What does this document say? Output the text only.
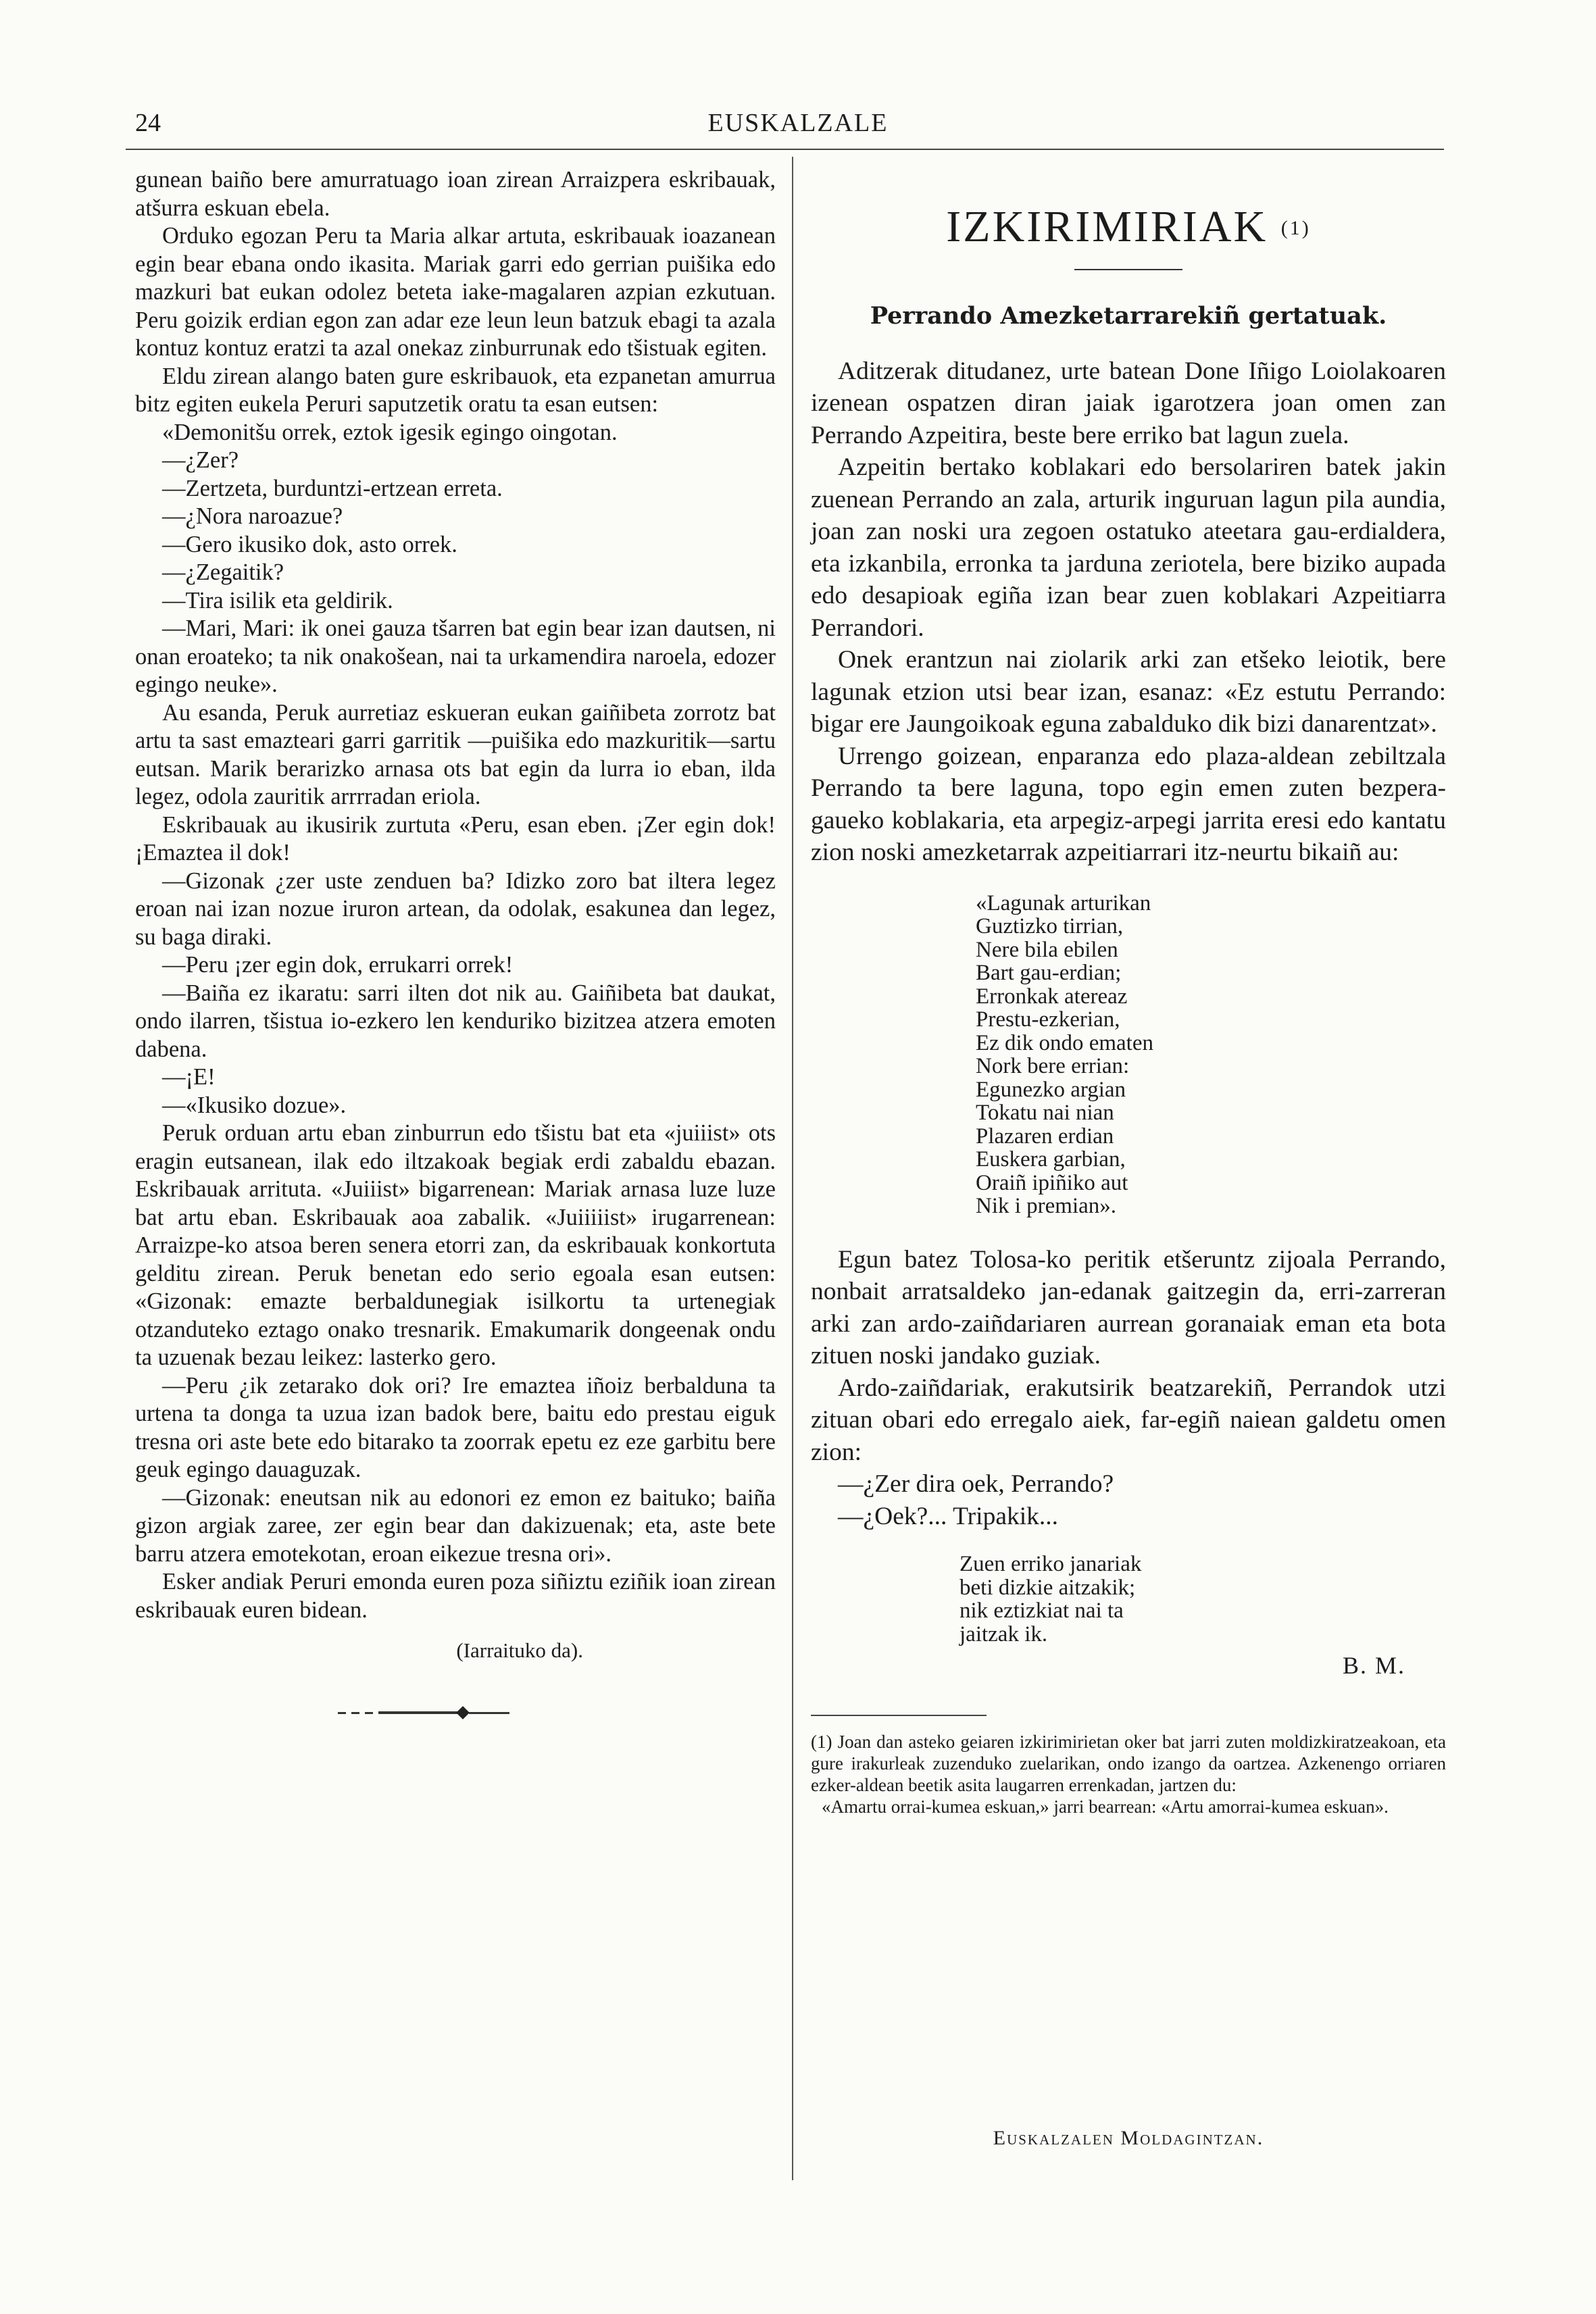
24	EUSKALZALE

gunean baiño bere amurratuago ioan zirean Arraizpera eskribauak, atšurra eskuan ebela.

Orduko egozan Peru ta Maria alkar artuta, eskribauak ioazanean egin bear ebana ondo ikasita. Mariak garri edo gerrian puišika edo mazkuri bat eukan odolez beteta iake-magalaren azpian ezkutuan. Peru goizik erdian egon zan adar eze leun leun batzuk ebagi ta azala kontuz kontuz eratzi ta azal onekaz zinburrunak edo tšistuak egiten.

Eldu zirean alango baten gure eskribauok, eta ezpanetan amurrua bitz egiten eukela Peruri saputzetik oratu ta esan eutsen:

«Demonitšu orrek, eztok igesik egingo oingotan.

—¿Zer?

—Zertzeta, burduntzi-ertzean erreta.

—¿Nora naroazue?

—Gero ikusiko dok, asto orrek.

—¿Zegaitik?

—Tira isilik eta geldirik.

—Mari, Mari: ik onei gauza tšarren bat egin bear izan dautsen, ni onan eroateko; ta nik onakošean, nai ta urkamendira naroela, edozer egingo neuke».

Au esanda, Peruk aurretiaz eskueran eukan gaiñibeta zorrotz bat artu ta sast emazteari garri garritik —puišika edo mazkuritik—sartu eutsan. Marik berarizko arnasa ots bat egin da lurra io eban, ilda legez, odola zauritik arrrradan eriola.

Eskribauak au ikusirik zurtuta «Peru, esan eben. ¡Zer egin dok! ¡Emaztea il dok!

—Gizonak ¿zer uste zenduen ba? Idizko zoro bat iltera legez eroan nai izan nozue iruron artean, da odolak, esakunea dan legez, su baga diraki.

—Peru ¡zer egin dok, errukarri orrek!

—Baiña ez ikaratu: sarri ilten dot nik au. Gaiñibeta bat daukat, ondo ilarren, tšistua io-ezkero len kenduriko bizitzea atzera emoten dabena.

—¡E!

—«Ikusiko dozue».

Peruk orduan artu eban zinburrun edo tšistu bat eta «juiiist» ots eragin eutsanean, ilak edo iltzakoak begiak erdi zabaldu ebazan. Eskribauak arrituta. «Juiiist» bigarrenean: Mariak arnasa luze luze bat artu eban. Eskribauak aoa zabalik. «Juiiiiist» irugarrenean: Arraizpe-ko atsoa beren senera etorri zan, da eskribauak konkortuta gelditu zirean. Peruk benetan edo serio egoala esan eutsen: «Gizonak: emazte berbaldunegiak isilkortu ta urtenegiak otzanduteko eztago onako tresnarik. Emakumarik dongeenak ondu ta uzuenak bezau leikez: lasterko gero.

—Peru ¿ik zetarako dok ori? Ire emaztea iñoiz berbalduna ta urtena ta donga ta uzua izan badok bere, baitu edo prestau eiguk tresna ori aste bete edo bitarako ta zoorrak epetu ez eze garbitu bere geuk egingo dauaguzak.

—Gizonak: eneutsan nik au edonori ez emon ez baituko; baiña gizon argiak zaree, zer egin bear dan dakizuenak; eta, aste bete barru atzera emotekotan, eroan eikezue tresna ori».

Esker andiak Peruri emonda euren poza siñiztu eziñik ioan zirean eskribauak euren bidean.

(Iarraituko da).
IZKIRIMIRIAK $^{(1)}$
Perrando Amezketarrarekiñ gertatuak.

Aditzerak ditudanez, urte batean Done Iñigo Loiolakoaren izenean ospatzen diran jaiak igarotzera joan omen zan Perrando Azpeitira, beste bere erriko bat lagun zuela.

Azpeitin bertako koblakari edo bersolariren batek jakin zuenean Perrando an zala, arturik inguruan lagun pila aundia, joan zan noski ura zegoen ostatuko ateetara gau-erdialdera, eta izkanbila, erronka ta jarduna zeriotela, bere biziko aupada edo desapioak egiña izan bear zuen koblakari Azpeitiarra Perrandori.

Onek erantzun nai ziolarik arki zan etšeko leiotik, bere lagunak etzion utsi bear izan, esanaz: «Ez estutu Perrando: bigar ere Jaungoikoak eguna zabalduko dik bizi danarentzat».

Urrengo goizean, enparanza edo plaza-aldean zebiltzala Perrando ta bere laguna, topo egin emen zuten bezpera-gaueko koblakaria, eta arpegiz-arpegi jarrita eresi edo kantatu zion noski amezketarrak azpeitiarrari itz-neurtu bikaiñ au:

«Lagunak arturikan
Guztizko tirrian,
Nere bila ebilen
Bart gau-erdian;
Erronkak atereaz
Prestu-ezkerian,
Ez dik ondo ematen
Nork bere errian:
Egunezko argian
Tokatu nai nian
Plazaren erdian
Euskera garbian,
Oraiñ ipiñiko aut
Nik i premian».

Egun batez Tolosa-ko peritik etšeruntz zijoala Perrando, nonbait arratsaldeko jan-edanak gaitzegin da, erri-zarreran arki zan ardo-zaiñdariaren aurrean goranaiak eman eta bota zituen noski jandako guziak.

Ardo-zaiñdariak, erakutsirik beatzarekiñ, Perrandok utzi zituan obari edo erregalo aiek, far-egiñ naiean galdetu omen zion:

—¿Zer dira oek, Perrando?

—¿Oek?... Tripakik...

Zuen erriko janariak
beti dizkie aitzakik;
nik eztizkiat nai ta
jaitzak ik.
B. M.

(1) Joan dan asteko geiaren izkirimirietan oker bat jarri zuten moldizkiratzeakoan, eta gure irakurleak zuzenduko zuelarikan, ondo izango da oartzea. Azkenengo orriaren ezker-aldean beetik asita laugarren errenkadan, jartzen du:

«Amartu orrai-kumea eskuan,» jarri bearrean: «Artu amorrai-kumea eskuan».

Euskalzalen Moldagintzan.
